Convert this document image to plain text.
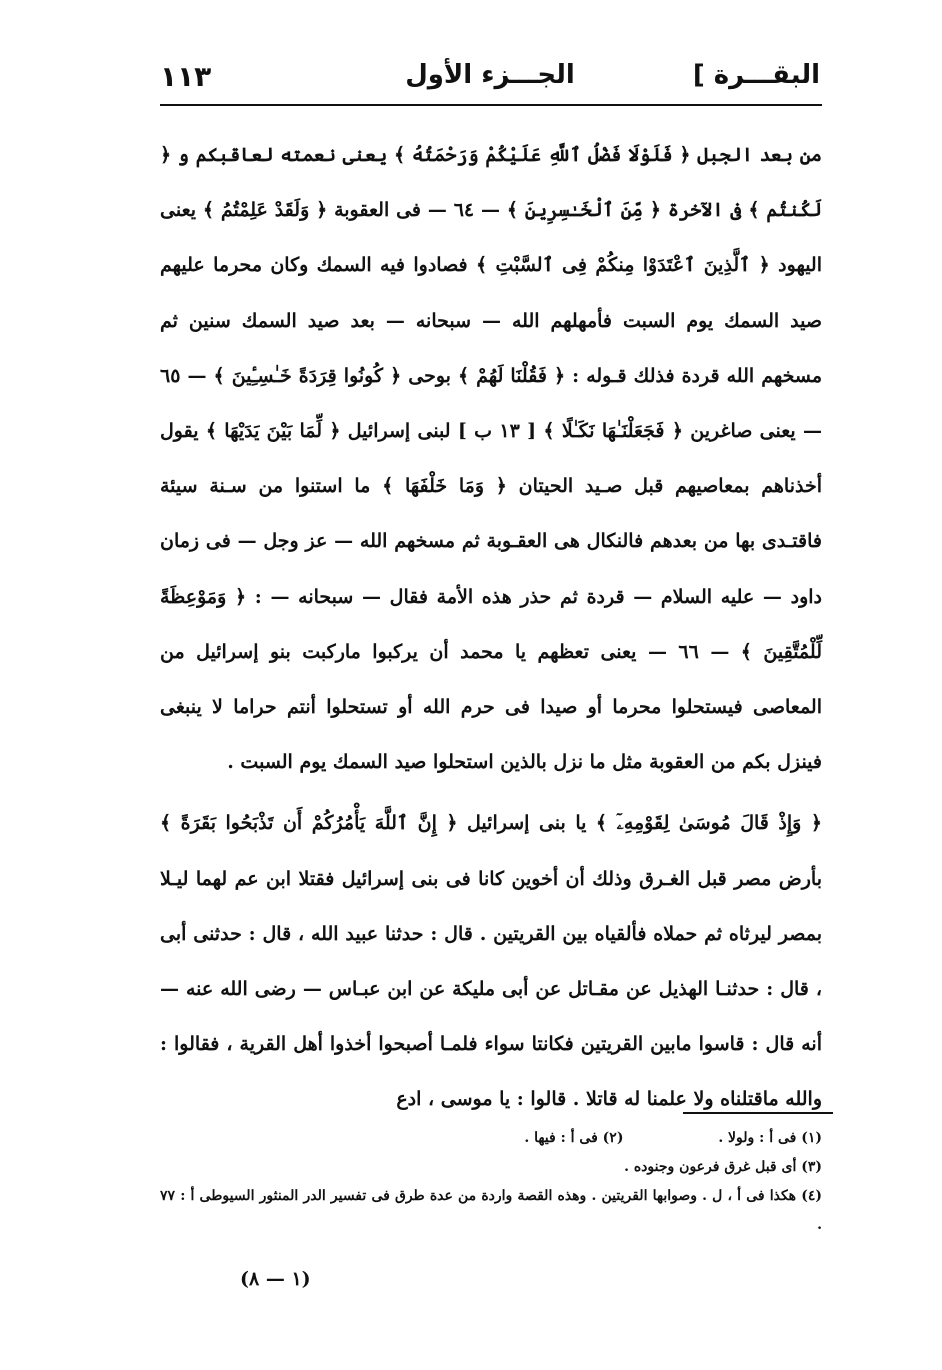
البقـــرة ]
الجـــزء الأول
١١٣

من بعد الجبل ﴿ فَلَوْلَا فَضْلُ ٱللَّهِ عَلَيْكُمْ وَرَحْمَتُهُ ﴾ يعنى نعمته لعاقبكم و ﴿ لَكُنتُم ﴾ فى الآخرة ﴿ مِّنَ ٱلْخَـٰسِرِينَ ﴾ — ٦٤ — فى العقوبة ﴿ وَلَقَدْ عَلِمْتُمُ ﴾ يعنى اليهود ﴿ ٱلَّذِينَ ٱعْتَدَوْا مِنكُمْ فِى ٱلسَّبْتِ ﴾ فصادوا فيه السمك وكان محرما عليهم صيد السمك يوم السبت فأمهلهم الله — سبحانه — بعد صيد السمك سنين ثم مسخهم الله قردة فذلك قـوله : ﴿ فَقُلْنَا لَهُمْ ﴾ بوحى ﴿ كُونُوا قِرَدَةً خَـٰسِـِٔينَ ﴾ — ٦٥ — يعنى صاغرين ﴿ فَجَعَلْنَـٰهَا نَكَـٰلًا ﴾ [ ١٣ ب ] لبنى إسرائيل ﴿ لِّمَا بَيْنَ يَدَيْهَا ﴾ يقول أخذناهم بمعاصيهم قبل صـيد الحيتان ﴿ وَمَا خَلْفَهَا ﴾ ما استنوا من سـنة سيئة فاقتـدى بها من بعدهم فالنكال هى العقـوبة ثم مسخهم الله — عز وجل — فى زمان داود — عليه السلام — قردة ثم حذر هذه الأمة فقال — سبحانه — : ﴿ وَمَوْعِظَةً لِّلْمُتَّقِينَ ﴾ — ٦٦ — يعنى تعظهم يا محمد أن يركبوا ماركبت بنو إسرائيل من المعاصى فيستحلوا محرما أو صيدا فى حرم الله أو تستحلوا أنتم حراما لا ينبغى فينزل بكم من العقوبة مثل ما نزل بالذين استحلوا صيد السمك يوم السبت .

﴿ وَإِذْ قَالَ مُوسَىٰ لِقَوْمِهِۦٓ ﴾ يا بنى إسرائيل ﴿ إِنَّ ٱللَّهَ يَأْمُرُكُمْ أَن تَذْبَحُوا بَقَرَةً ﴾ بأرض مصر قبل الغـرق وذلك أن أخوين كانا فى بنى إسرائيل فقتلا ابن عم لهما ليـلا بمصر ليرثاه ثم حملاه فألقياه بين القريتين . قال : حدثنا عبيد الله ، قال : حدثنى أبى ، قال : حدثنـا الهذيل عن مقـاتل عن أبى مليكة عن ابن عبـاس — رضى الله عنه — أنه قال : قاسوا مابين القريتين فكانتا سواء فلمـا أصبحوا أخذوا أهل القرية ، فقالوا : والله ماقتلناه ولا علمنا له قاتلا . قالوا : يا موسى ، ادع

(١) فى أ : ولولا . (٢) فى أ : فيها .
(٣) أى قبل غرق فرعون وجنوده .
(٤) هكذا فى أ ، ل . وصوابها القريتين . وهذه القصة واردة من عدة طرق فى تفسير الدر المنثور السيوطى أ : ٧٧ .
(١ — ٨)
